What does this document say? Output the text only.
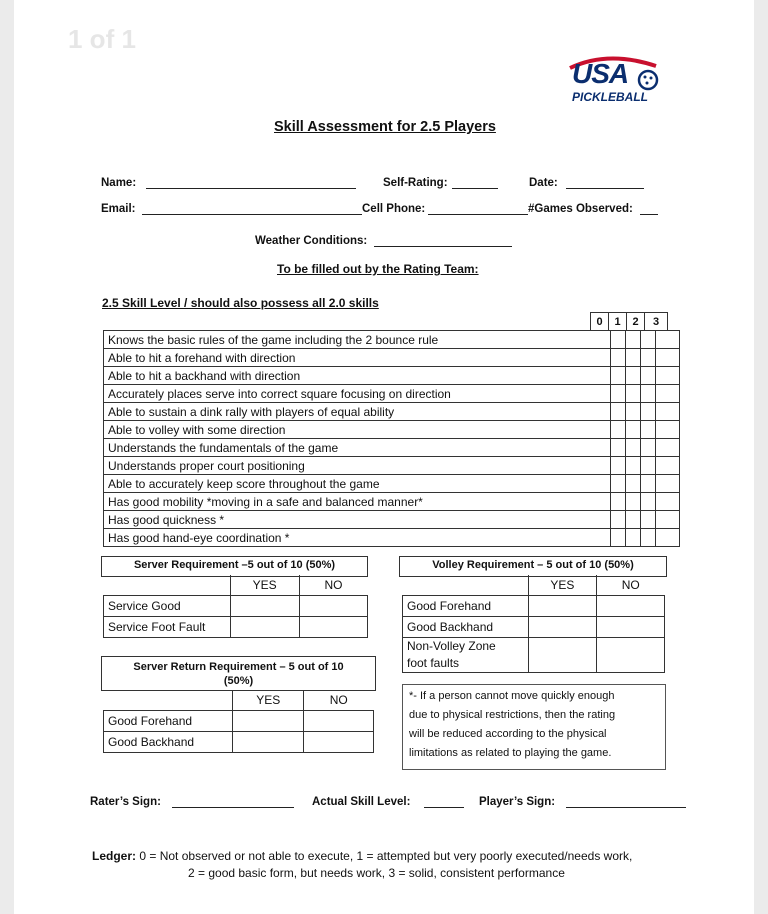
1 of 1
USA
PICKLEBALL
Skill Assessment for 2.5 Players
Name:	Self-Rating:	Date:
Email:	Cell Phone:	#Games Observed:
Weather Conditions:
To be filled out by the Rating Team:
2.5 Skill Level / should also possess all 2.0 skills
0	1	2	3
Knows the basic rules of the game including the 2 bounce rule				
Able to hit a forehand with direction				
Able to hit a backhand with direction				
Accurately places serve into correct square focusing on direction				
Able to sustain a dink rally with players of equal ability				
Able to volley with some direction				
Understands the fundamentals of the game				
Understands proper court positioning				
Able to accurately keep score throughout the game				
Has good mobility *moving in a safe and balanced manner*				
Has good quickness *				
Has good hand-eye coordination *				
Server Requirement –5 out of 10 (50%)
	YES	NO
Service Good		
Service Foot Fault		
Volley Requirement – 5 out of 10 (50%)
	YES	NO
Good Forehand		
Good Backhand		
Non-Volley Zone
foot faults		
Server Return Requirement – 5 out of 10
(50%)
	YES	NO
Good Forehand		
Good Backhand		
*- If a person cannot move quickly enough
due to physical restrictions, then the rating
will be reduced according to the physical
limitations as related to playing the game.
Rater’s Sign:	Actual Skill Level:	Player’s Sign:
Ledger: 0 = Not observed or not able to execute, 1 = attempted but very poorly executed/needs work,
2 = good basic form, but needs work, 3 = solid, consistent performance
